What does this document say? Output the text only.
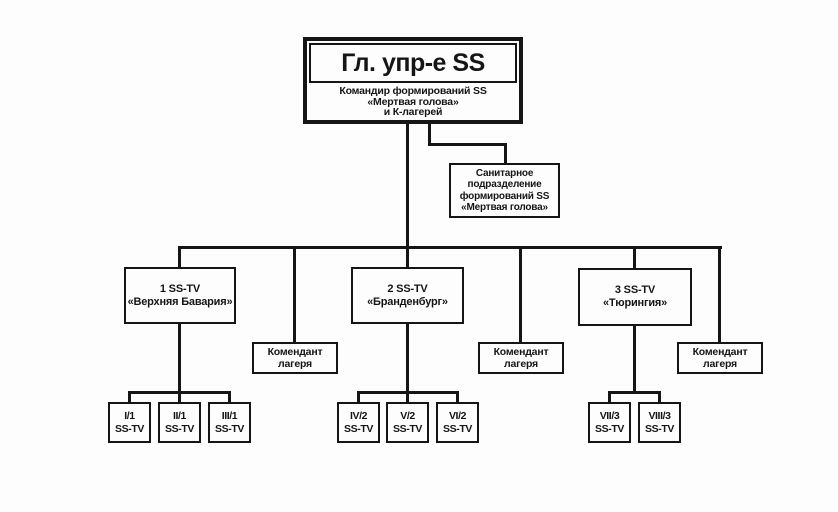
Гл. упр-е SS
Командир формирований SS
«Мертвая голова»
и К-лагерей
Санитарное
подразделение
формирований SS
«Мертвая голова»
1 SS-TV
«Верхняя Бавария»
2 SS-TV
«Бранденбург»
3 SS-TV
«Тюрингия»
Комендант
лагеря
Комендант
лагеря
Комендант
лагеря
I/1
SS-TV
II/1
SS-TV
III/1
SS-TV
IV/2
SS-TV
V/2
SS-TV
VI/2
SS-TV
VII/3
SS-TV
VIII/3
SS-TV
